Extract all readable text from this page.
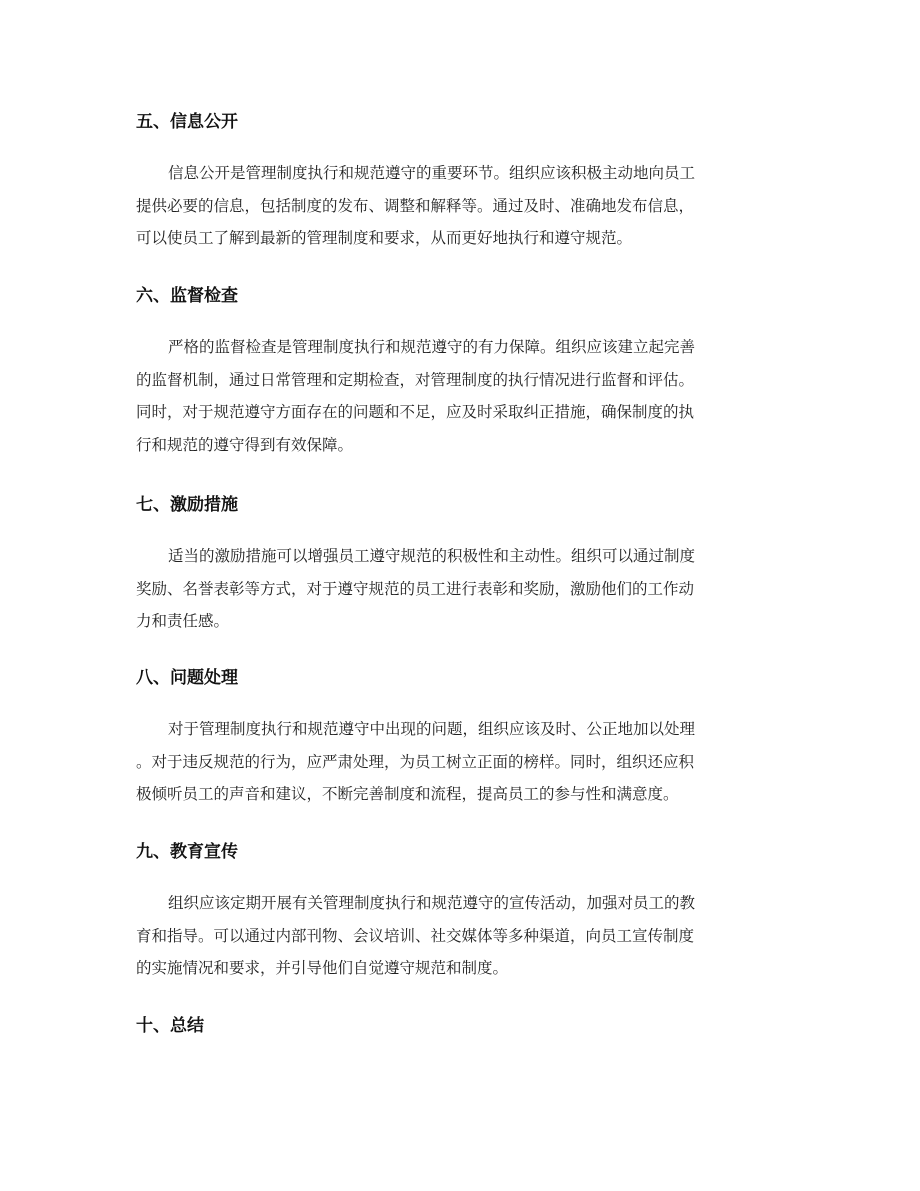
五、信息公开
信息公开是管理制度执行和规范遵守的重要环节。组织应该积极主动地向员工
提供必要的信息，包括制度的发布、调整和解释等。通过及时、准确地发布信息，
可以使员工了解到最新的管理制度和要求，从而更好地执行和遵守规范。
六、监督检查
严格的监督检查是管理制度执行和规范遵守的有力保障。组织应该建立起完善
的监督机制，通过日常管理和定期检查，对管理制度的执行情况进行监督和评估。
同时，对于规范遵守方面存在的问题和不足，应及时采取纠正措施，确保制度的执
行和规范的遵守得到有效保障。
七、激励措施
适当的激励措施可以增强员工遵守规范的积极性和主动性。组织可以通过制度
奖励、名誉表彰等方式，对于遵守规范的员工进行表彰和奖励，激励他们的工作动
力和责任感。
八、问题处理
对于管理制度执行和规范遵守中出现的问题，组织应该及时、公正地加以处理
。对于违反规范的行为，应严肃处理，为员工树立正面的榜样。同时，组织还应积
极倾听员工的声音和建议，不断完善制度和流程，提高员工的参与性和满意度。
九、教育宣传
组织应该定期开展有关管理制度执行和规范遵守的宣传活动，加强对员工的教
育和指导。可以通过内部刊物、会议培训、社交媒体等多种渠道，向员工宣传制度
的实施情况和要求，并引导他们自觉遵守规范和制度。
十、总结
